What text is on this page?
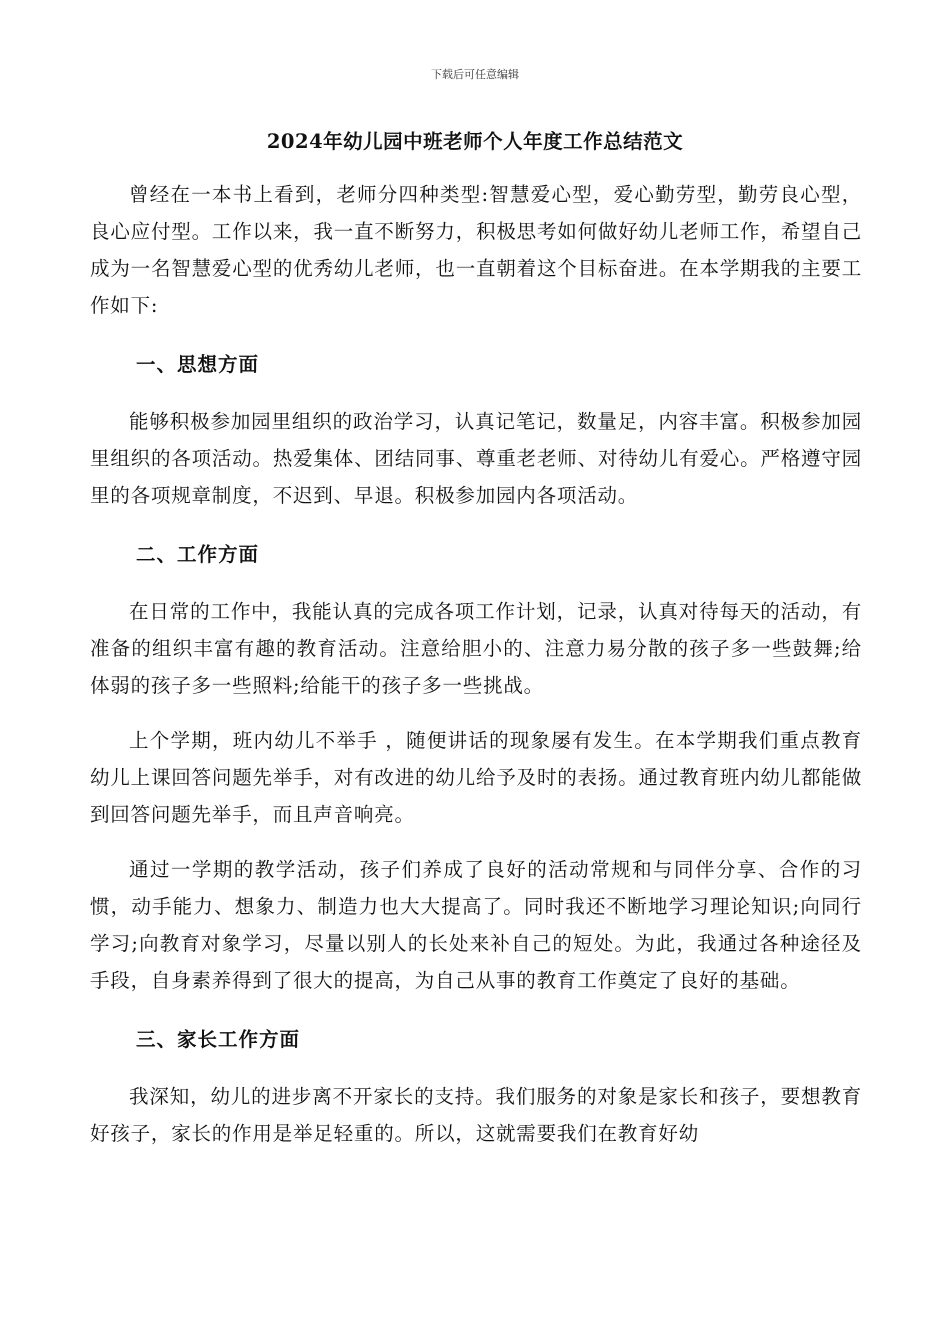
下载后可任意编辑
2024年幼儿园中班老师个人年度工作总结范文

曾经在一本书上看到，老师分四种类型:智慧爱心型，爱心勤劳型，勤劳良心型，良心应付型。工作以来，我一直不断努力，积极思考如何做好幼儿老师工作，希望自己成为一名智慧爱心型的优秀幼儿老师，也一直朝着这个目标奋进。在本学期我的主要工作如下:

一、思想方面

能够积极参加园里组织的政治学习，认真记笔记，数量足，内容丰富。积极参加园里组织的各项活动。热爱集体、团结同事、尊重老老师、对待幼儿有爱心。严格遵守园里的各项规章制度，不迟到、早退。积极参加园内各项活动。

二、工作方面

在日常的工作中，我能认真的完成各项工作计划，记录，认真对待每天的活动，有准备的组织丰富有趣的教育活动。注意给胆小的、注意力易分散的孩子多一些鼓舞;给体弱的孩子多一些照料;给能干的孩子多一些挑战。

上个学期，班内幼儿不举手 ，随便讲话的现象屡有发生。在本学期我们重点教育幼儿上课回答问题先举手，对有改进的幼儿给予及时的表扬。通过教育班内幼儿都能做到回答问题先举手，而且声音响亮。

通过一学期的教学活动，孩子们养成了良好的活动常规和与同伴分享、合作的习惯，动手能力、想象力、制造力也大大提高了。同时我还不断地学习理论知识;向同行学习;向教育对象学习，尽量以别人的长处来补自己的短处。为此，我通过各种途径及手段，自身素养得到了很大的提高，为自己从事的教育工作奠定了良好的基础。

三、家长工作方面

我深知，幼儿的进步离不开家长的支持。我们服务的对象是家长和孩子，要想教育好孩子，家长的作用是举足轻重的。所以，这就需要我们在教育好幼
